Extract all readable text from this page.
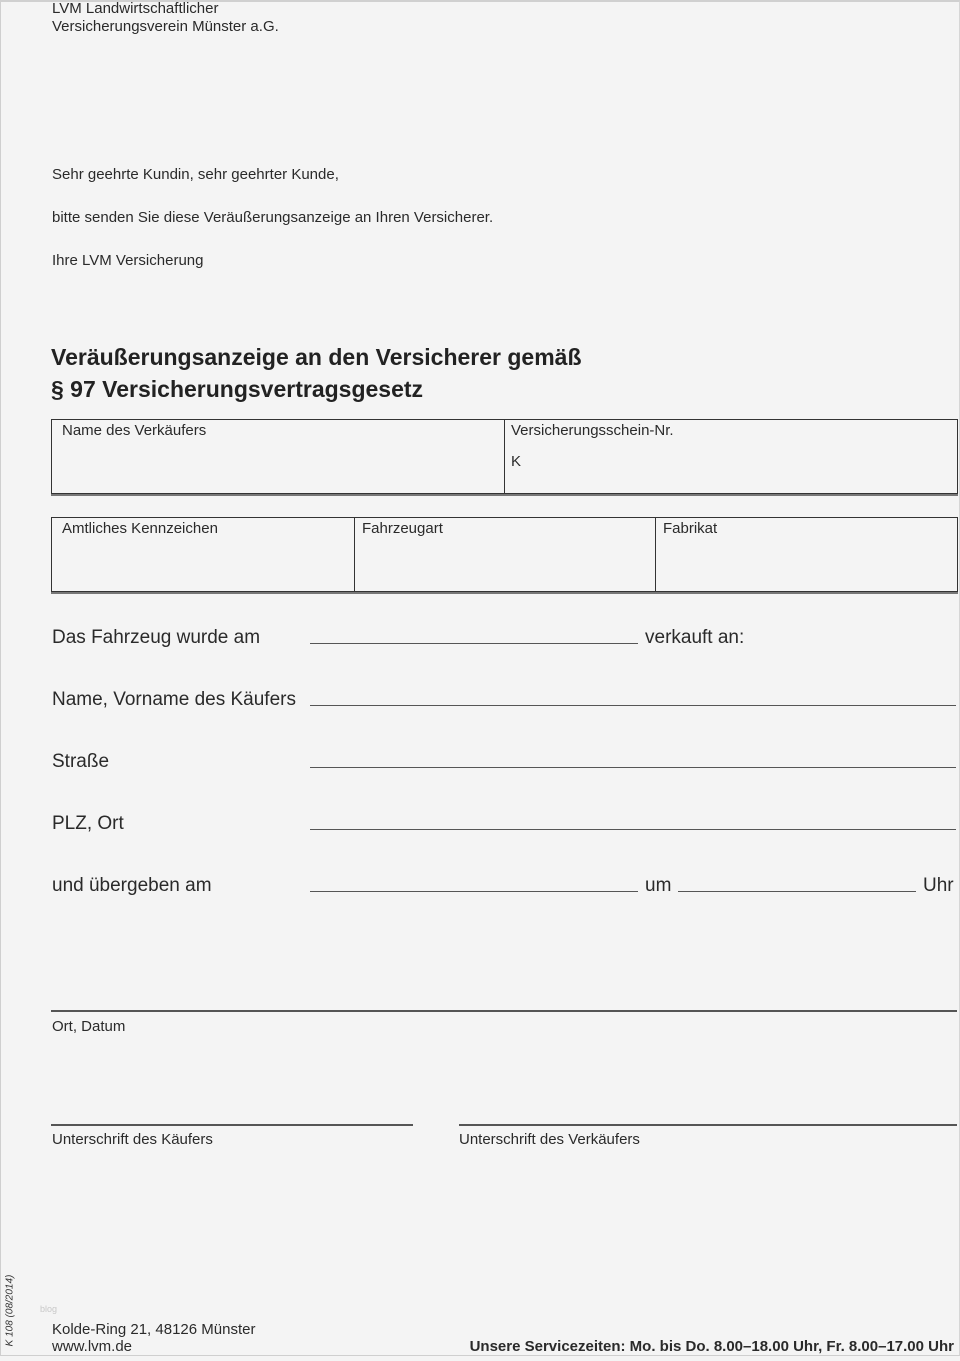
LVM Landwirtschaftlicher
Versicherungsverein Münster a.G.
Sehr geehrte Kundin, sehr geehrter Kunde,
bitte senden Sie diese Veräußerungsanzeige an Ihren Versicherer.
Ihre LVM Versicherung
Veräußerungsanzeige an den Versicherer gemäß
§ 97 Versicherungsvertragsgesetz
Name des Verkäufers	Versicherungsschein-Nr.
K
Amtliches Kennzeichen	Fahrzeugart	Fabrikat
Das Fahrzeug wurde am	verkauft an:
Name, Vorname des Käufers
Straße
PLZ, Ort
und übergeben am	um	Uhr
Ort, Datum
Unterschrift des Käufers	Unterschrift des Verkäufers
K 108 (08/2014)	blog
Kolde-Ring 21, 48126 Münster
www.lvm.de	Unsere Servicezeiten: Mo. bis Do. 8.00–18.00 Uhr, Fr. 8.00–17.00 Uhr
